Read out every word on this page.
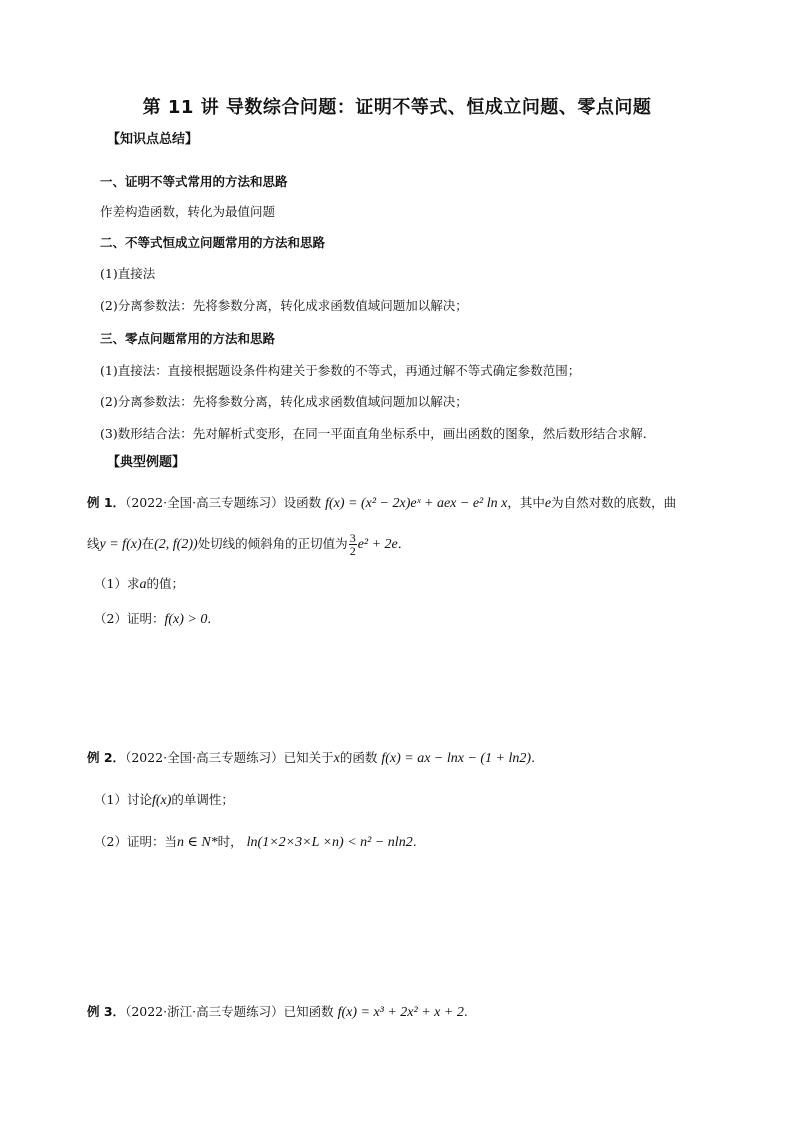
第 11 讲 导数综合问题：证明不等式、恒成立问题、零点问题
【知识点总结】
一、证明不等式常用的方法和思路
作差构造函数，转化为最值问题
二、不等式恒成立问题常用的方法和思路
(1)直接法
(2)分离参数法：先将参数分离，转化成求函数值域问题加以解决；
三、零点问题常用的方法和思路
(1)直接法：直接根据题设条件构建关于参数的不等式，再通过解不等式确定参数范围；
(2)分离参数法：先将参数分离，转化成求函数值域问题加以解决；
(3)数形结合法：先对解析式变形，在同一平面直角坐标系中，画出函数的图象，然后数形结合求解．
【典型例题】
例 1．（2022·全国·高三专题练习）设函数 f(x) = (x² − 2x)eˣ + aex − e² ln x，其中e为自然对数的底数，曲
线y = f(x)在(2, f(2))处切线的倾斜角的正切值为 $\frac{3}{2} e^2 + 2e$．
（1）求a的值；
（2）证明：f(x) > 0．
例 2．（2022·全国·高三专题练习）已知关于x的函数 f(x) = ax − lnx − (1 + ln2).
（1）讨论f(x)的单调性；
（2）证明：当n ∈ N*时， ln(1×2×3×L ×n) < n² − nln2.
例 3．（2022·浙江·高三专题练习）已知函数 f(x) = x³ + 2x² + x + 2.
